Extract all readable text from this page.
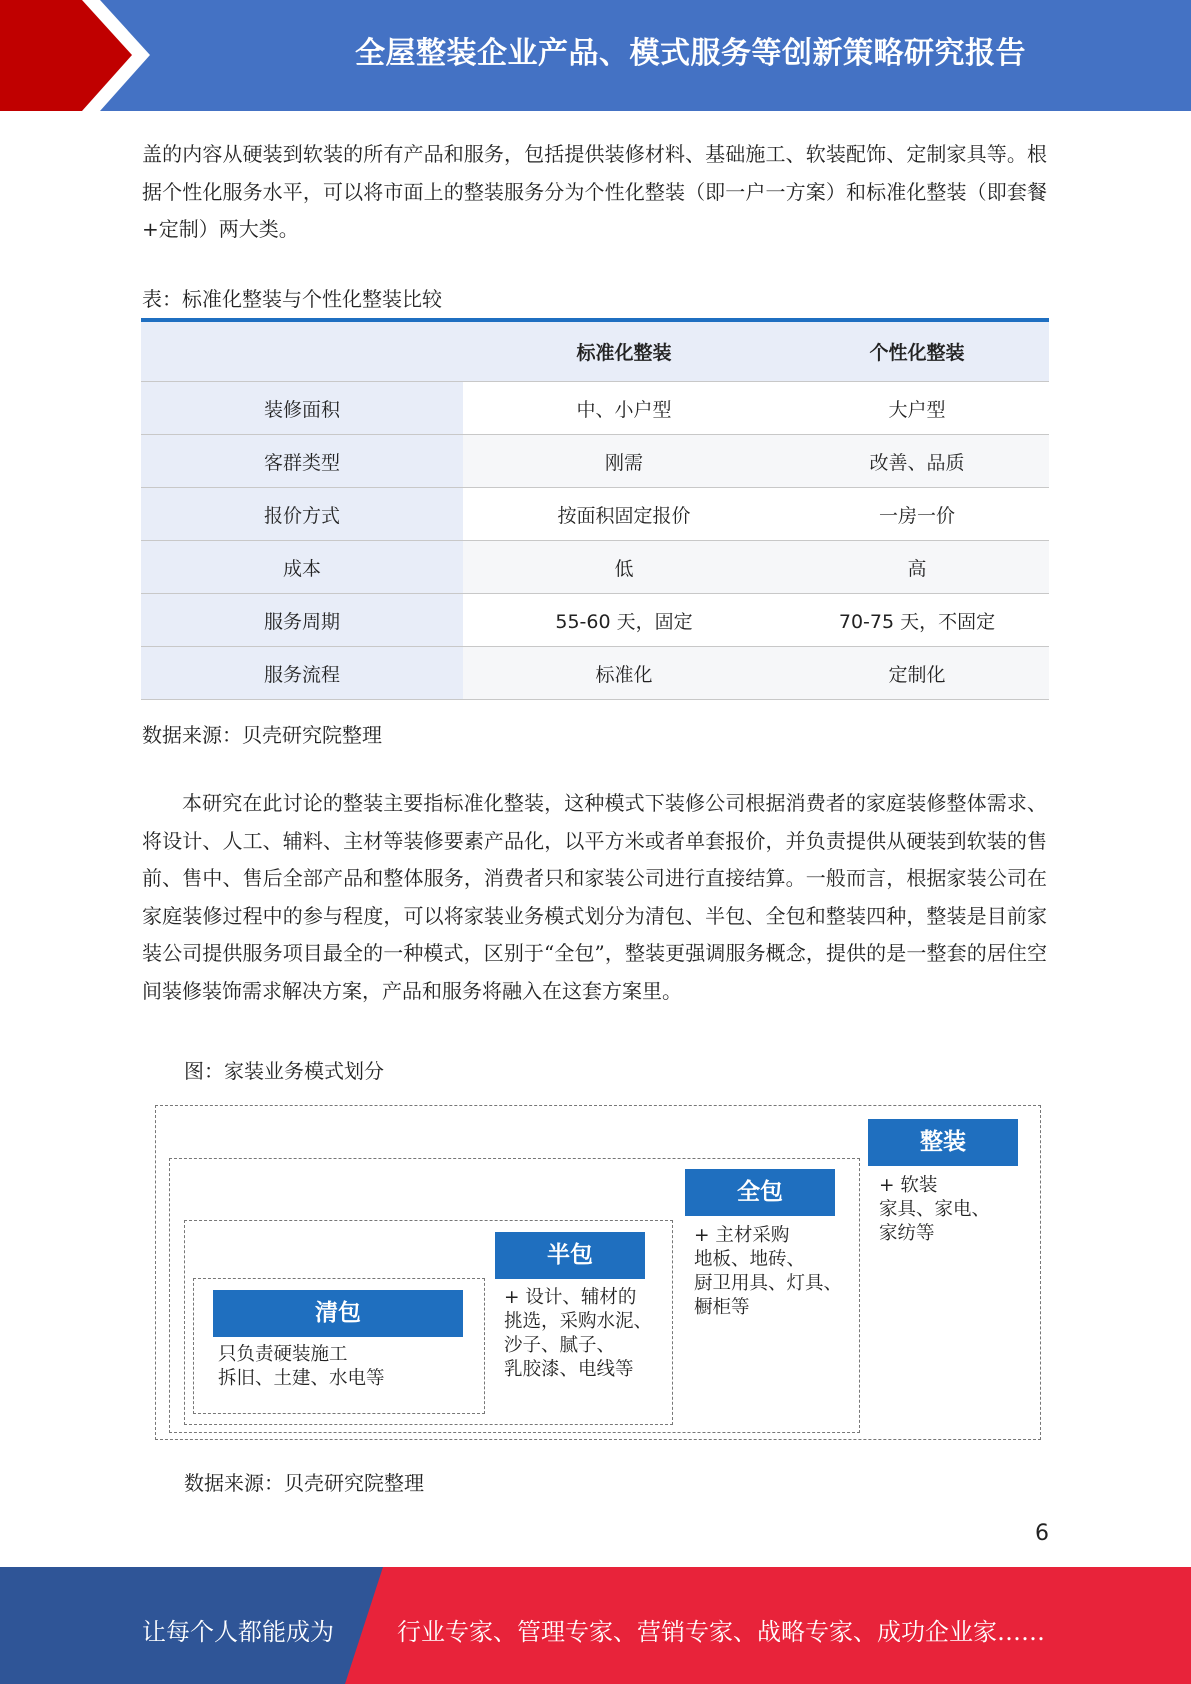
全屋整装企业产品、模式服务等创新策略研究报告

盖的内容从硬装到软装的所有产品和服务，包括提供装修材料、基础施工、软装配饰、定制家具等。根据个性化服务水平，可以将市面上的整装服务分为个性化整装（即一户一方案）和标准化整装（即套餐 +定制）两大类。

表：标准化整装与个性化整装比较

	标准化整装	个性化整装
装修面积	中、小户型	大户型
客群类型	刚需	改善、品质
报价方式	按面积固定报价	一房一价
成本	低	高
服务周期	55-60 天，固定	70-75 天，不固定
服务流程	标准化	定制化

数据来源：贝壳研究院整理

本研究在此讨论的整装主要指标准化整装，这种模式下装修公司根据消费者的家庭装修整体需求、将设计、人工、辅料、主材等装修要素产品化，以平方米或者单套报价，并负责提供从硬装到软装的售前、售中、售后全部产品和整体服务，消费者只和家装公司进行直接结算。一般而言，根据家装公司在家庭装修过程中的参与程度，可以将家装业务模式划分为清包、半包、全包和整装四种，整装是目前家装公司提供服务项目最全的一种模式，区别于“全包”，整装更强调服务概念，提供的是一整套的居住空间装修装饰需求解决方案，产品和服务将融入在这套方案里。

图：家装业务模式划分

清包

只负责硬装施工
拆旧、土建、水电等

半包

+ 设计、辅材的
挑选，采购水泥、
沙子、腻子、
乳胶漆、电线等

全包

+ 主材采购
地板、地砖、
厨卫用具、灯具、
橱柜等

整装

+ 软装
家具、家电、
家纺等

数据来源：贝壳研究院整理

6
让每个人都能成为	行业专家、管理专家、营销专家、战略专家、成功企业家……
